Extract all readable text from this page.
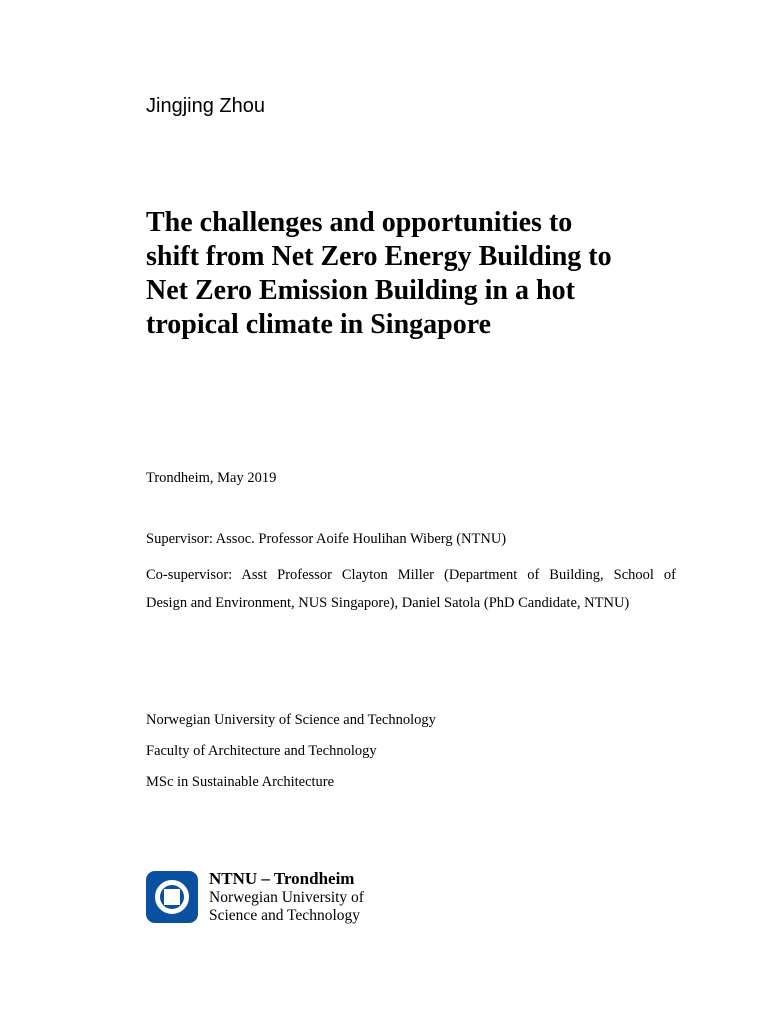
Jingjing Zhou

The challenges and opportunities to
shift from Net Zero Energy Building to
Net Zero Emission Building in a hot
tropical climate in Singapore

Trondheim, May 2019

Supervisor: Assoc. Professor Aoife Houlihan Wiberg (NTNU)

Co-supervisor: Asst Professor Clayton Miller (Department of Building, School of
Design and Environment, NUS Singapore), Daniel Satola (PhD Candidate, NTNU)

Norwegian University of Science and Technology

Faculty of Architecture and Technology

MSc in Sustainable Architecture

NTNU – Trondheim
Norwegian University of
Science and Technology
